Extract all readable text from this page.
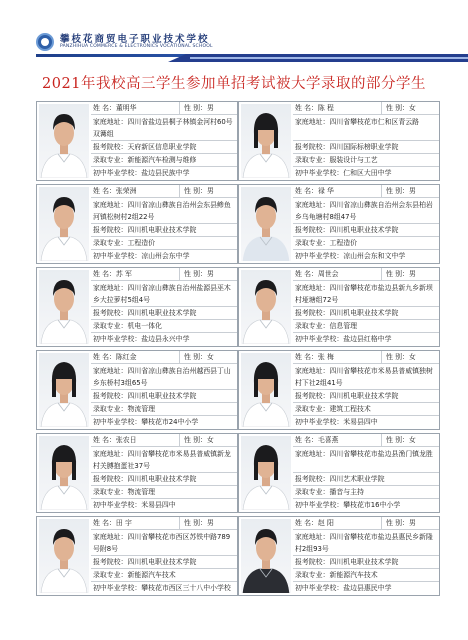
攀枝花商贸电子职业技术学校
PANZHIHUA COMMERCE & ELECTRONICS VOCATIONAL SCHOOL
2021年我校高三学生参加单招考试被大学录取的部分学生
姓 名：董明华	性 别：男
家庭地址：四川省盐边县桐子林镇金河村60号双篝组
报考院校：天府新区信息职业学院
录取专业：新能源汽车检测与维修
初中毕业学校：盐边县民族中学
姓 名：陈 程	性 别：女
家庭地址：四川省攀枝花市仁和区青云路
报考院校：四川国际标榜职业学院
录取专业：服装设计与工艺
初中毕业学校：仁和区大田中学
姓 名：张荣洲	性 别：男
家庭地址：四川省凉山彝族自治州会东县鲹鱼河镇松树村2组22号
报考院校：四川机电职业技术学院
录取专业：工程造价
初中毕业学校：凉山州会东中学
姓 名：禄 华	性 别：男
家庭地址：四川省凉山彝族自治州会东县柏岩乡乌龟塘村8组47号
报考院校：四川机电职业技术学院
录取专业：工程造价
初中毕业学校：凉山州会东和文中学
姓 名：苏 军	性 别：男
家庭地址：四川省凉山彝族自治州盐源县巫木乡大拉萝村5组4号
报考院校：四川机电职业技术学院
录取专业：机电一体化
初中毕业学校：盐边县永兴中学
姓 名：周世会	性 别：男
家庭地址：四川省攀枝花市盐边县新九乡新坝村垭塘组72号
报考院校：四川机电职业技术学院
录取专业：信息管理
初中毕业学校：盐边县红格中学
姓 名：陈红金	性 别：女
家庭地址：四川省凉山彝族自治州越西县丁山乡东桥村3组65号
报考院校：四川机电职业技术学院
录取专业：物流管理
初中毕业学校：攀枝花市24中小学
姓 名：张 梅	性 别：女
家庭地址：四川省攀枝花市米易县普威镇独树村下社2组41号
报考院校：四川机电职业技术学院
录取专业：建筑工程技术
初中毕业学校：米易县四中
姓 名：张农日	性 别：女
家庭地址：四川省攀枝花市米易县普威镇新龙村关膊抱蛋社37号
报考院校：四川机电职业技术学院
录取专业：物流管理
初中毕业学校：米易县四中
姓 名：毛喜燕	性 别：女
家庭地址：四川省攀枝花市盐边县渔门镇龙胜
报考院校：四川艺术职业学院
录取专业：播音与主持
初中毕业学校：攀枝花市16中小学
姓 名：田 宇	性 别：男
家庭地址：四川省攀枝花市西区苏铁中路789号附8号
报考院校：四川机电职业技术学院
录取专业：新能源汽车技术
初中毕业学校：攀枝花市西区三十八中小学校
姓 名：赵 阳	性 别：男
家庭地址：四川省攀枝花市盐边县惠民乡新隆村2组93号
报考院校：四川机电职业技术学院
录取专业：新能源汽车技术
初中毕业学校：盐边县惠民中学
